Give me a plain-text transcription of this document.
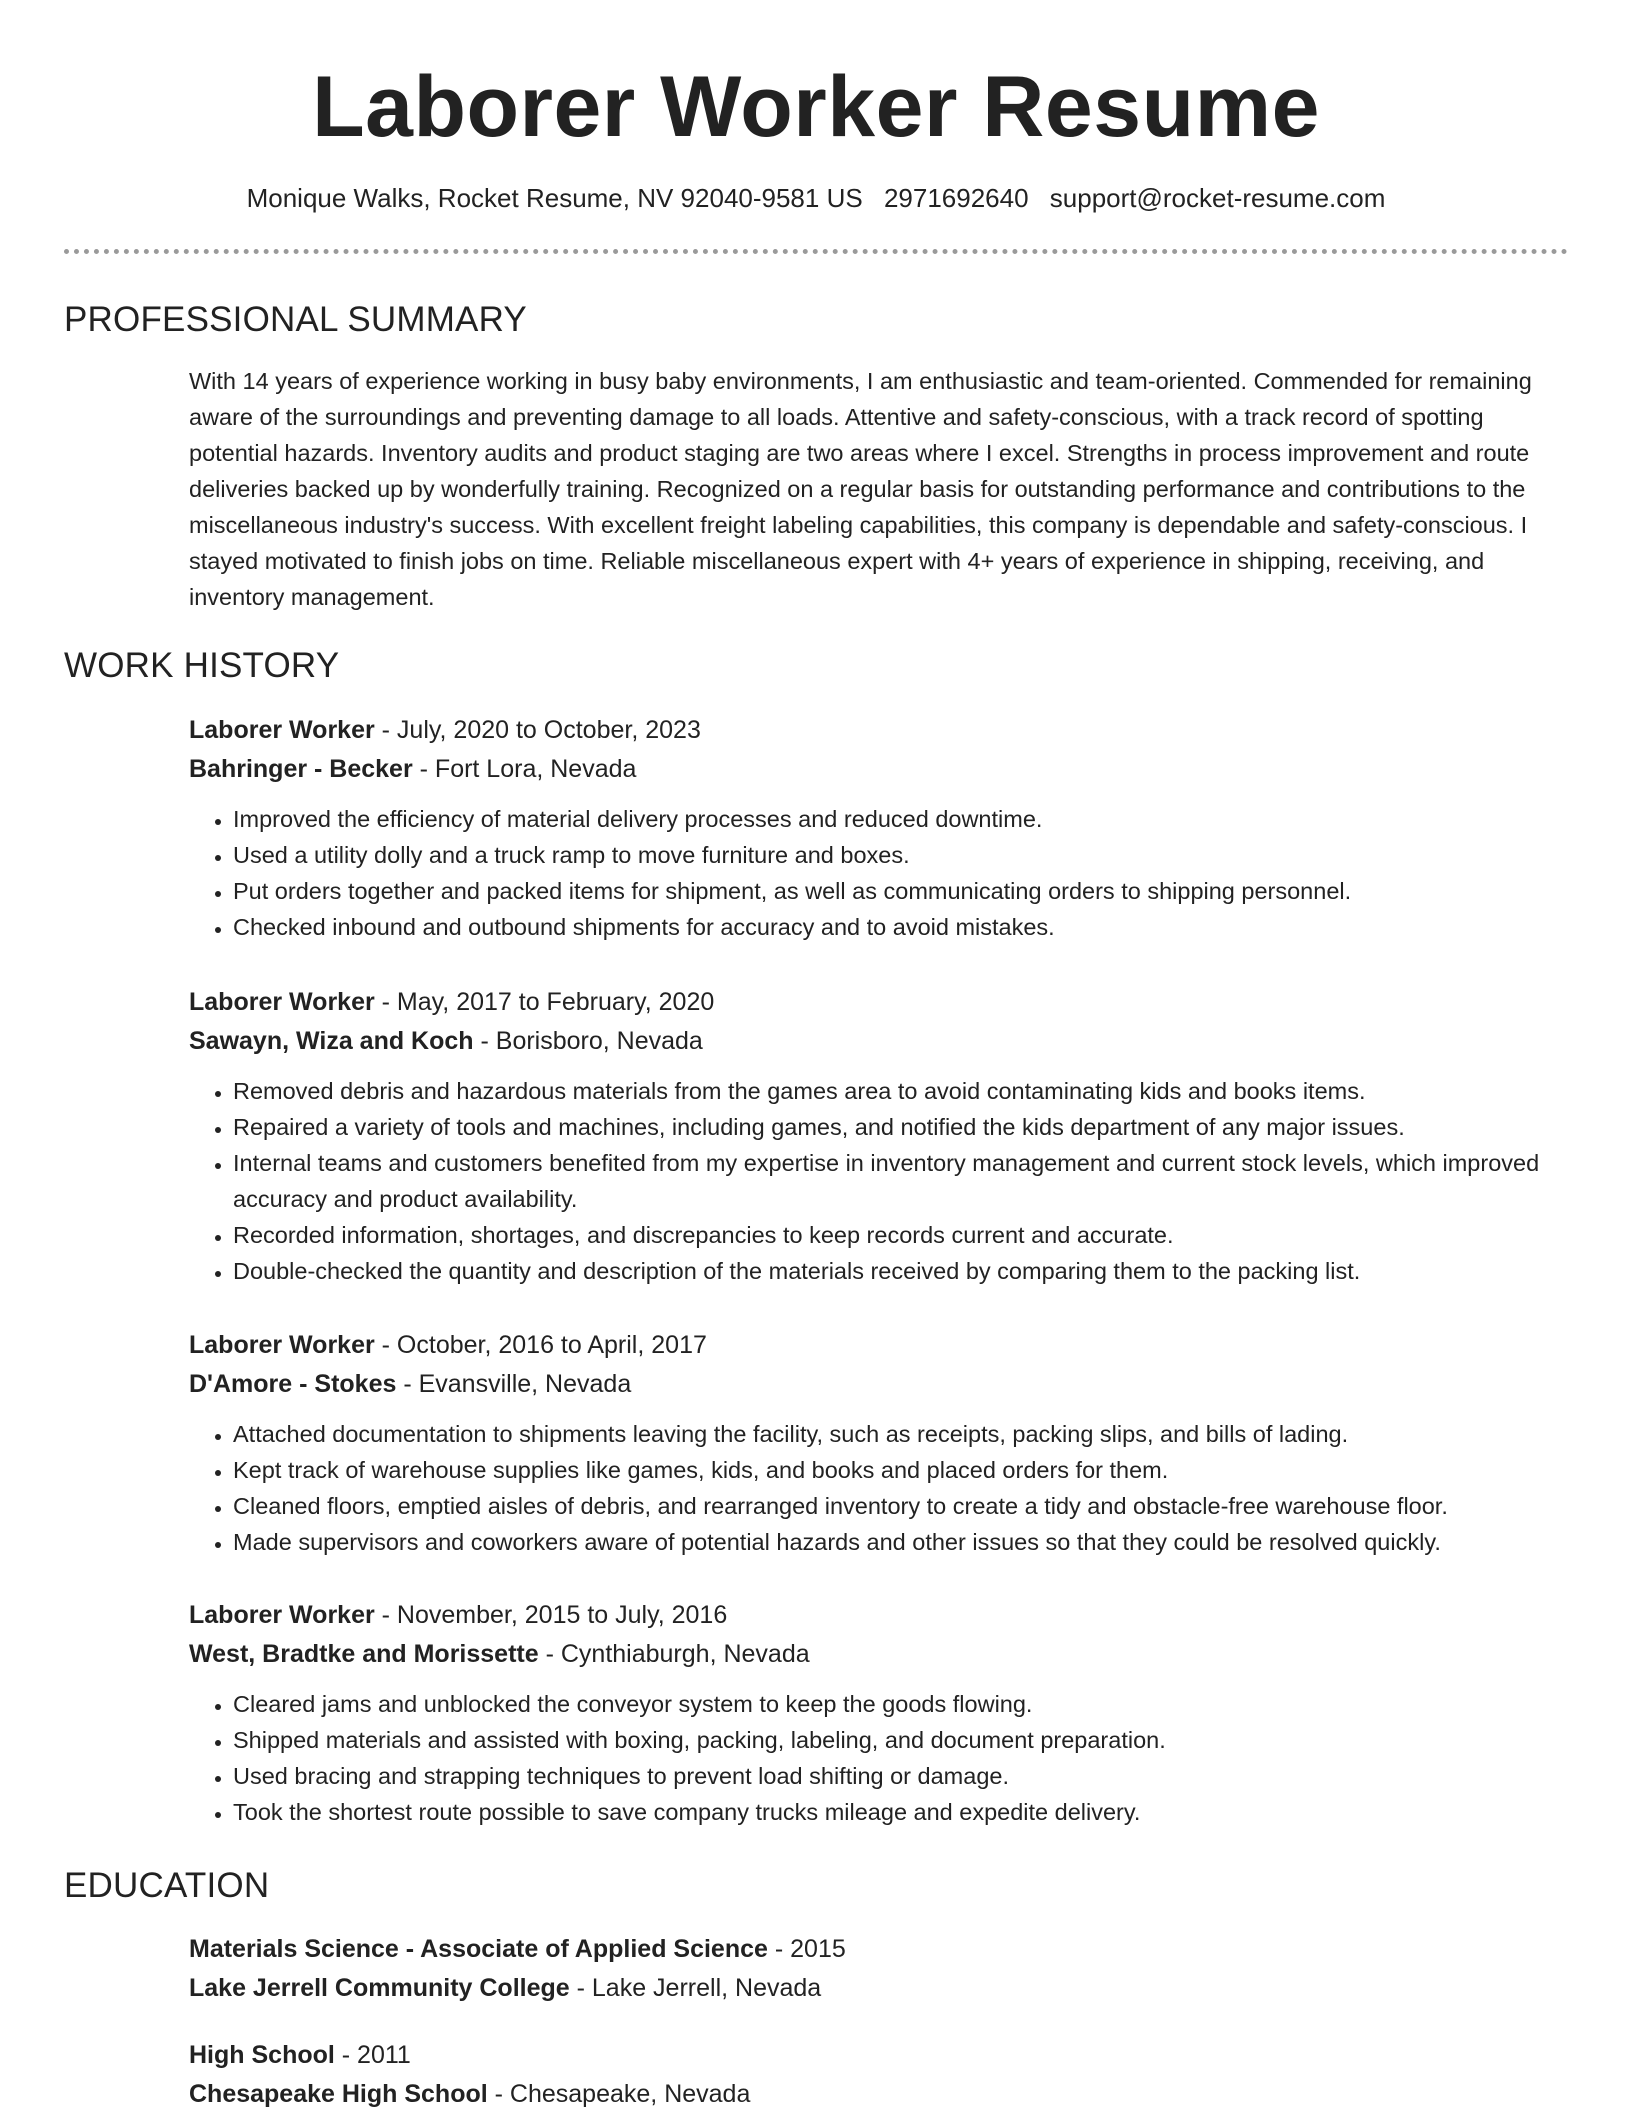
Laborer Worker Resume
Monique Walks, Rocket Resume, NV 92040-9581 US 2971692640 support@rocket-resume.com
PROFESSIONAL SUMMARY

With 14 years of experience working in busy baby environments, I am enthusiastic and team-oriented. Commended for remaining aware of the surroundings and preventing damage to all loads. Attentive and safety-conscious, with a track record of spotting potential hazards. Inventory audits and product staging are two areas where I excel. Strengths in process improvement and route deliveries backed up by wonderfully training. Recognized on a regular basis for outstanding performance and contributions to the miscellaneous industry's success. With excellent freight labeling capabilities, this company is dependable and safety-conscious. I stayed motivated to finish jobs on time. Reliable miscellaneous expert with 4+ years of experience in shipping, receiving, and inventory management.

WORK HISTORY

Laborer Worker - July, 2020 to October, 2023

Bahringer - Becker - Fort Lora, Nevada

• Improved the efficiency of material delivery processes and reduced downtime.
• Used a utility dolly and a truck ramp to move furniture and boxes.
• Put orders together and packed items for shipment, as well as communicating orders to shipping personnel.
• Checked inbound and outbound shipments for accuracy and to avoid mistakes.

Laborer Worker - May, 2017 to February, 2020

Sawayn, Wiza and Koch - Borisboro, Nevada

• Removed debris and hazardous materials from the games area to avoid contaminating kids and books items.
• Repaired a variety of tools and machines, including games, and notified the kids department of any major issues.
• Internal teams and customers benefited from my expertise in inventory management and current stock levels, which improved accuracy and product availability.
• Recorded information, shortages, and discrepancies to keep records current and accurate.
• Double-checked the quantity and description of the materials received by comparing them to the packing list.

Laborer Worker - October, 2016 to April, 2017

D'Amore - Stokes - Evansville, Nevada

• Attached documentation to shipments leaving the facility, such as receipts, packing slips, and bills of lading.
• Kept track of warehouse supplies like games, kids, and books and placed orders for them.
• Cleaned floors, emptied aisles of debris, and rearranged inventory to create a tidy and obstacle-free warehouse floor.
• Made supervisors and coworkers aware of potential hazards and other issues so that they could be resolved quickly.

Laborer Worker - November, 2015 to July, 2016

West, Bradtke and Morissette - Cynthiaburgh, Nevada

• Cleared jams and unblocked the conveyor system to keep the goods flowing.
• Shipped materials and assisted with boxing, packing, labeling, and document preparation.
• Used bracing and strapping techniques to prevent load shifting or damage.
• Took the shortest route possible to save company trucks mileage and expedite delivery.
EDUCATION

Materials Science - Associate of Applied Science - 2015

Lake Jerrell Community College - Lake Jerrell, Nevada

High School - 2011

Chesapeake High School - Chesapeake, Nevada
